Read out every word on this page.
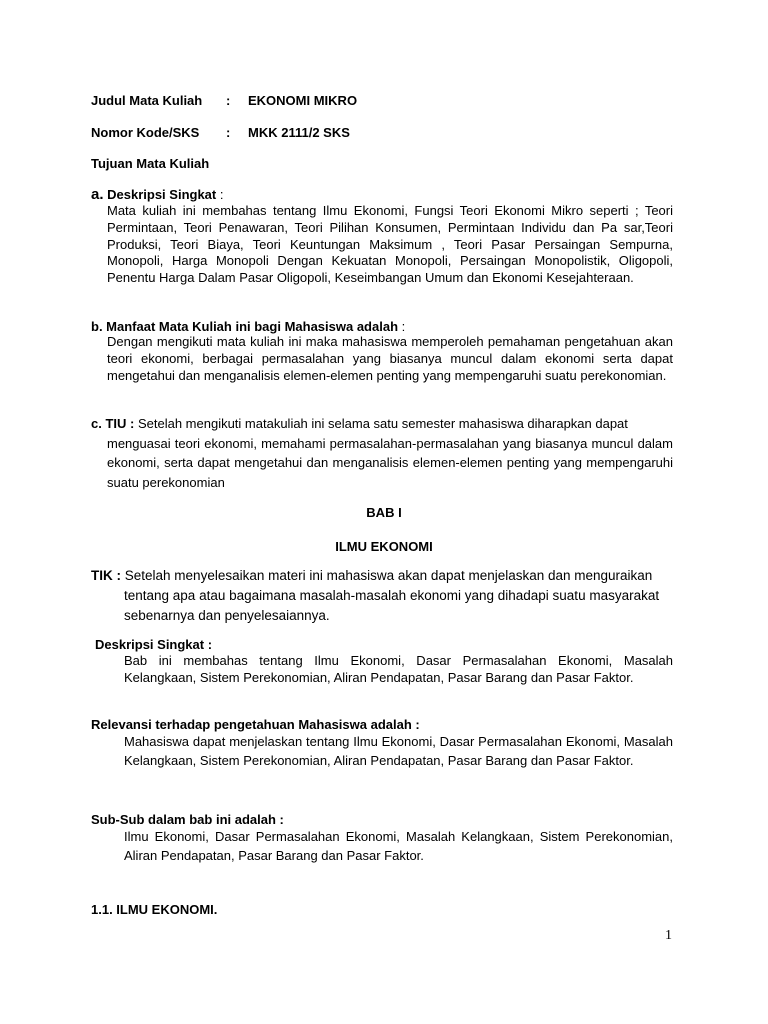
Judul Mata Kuliah : EKONOMI MIKRO
Nomor Kode/SKS : MKK 2111/2 SKS
Tujuan Mata Kuliah
a. Deskripsi Singkat :
Mata kuliah ini membahas tentang Ilmu Ekonomi, Fungsi Teori Ekonomi Mikro seperti ; Teori Permintaan, Teori Penawaran, Teori Pilihan Konsumen, Permintaan Individu dan Pa sar,Teori Produksi, Teori Biaya, Teori Keuntungan Maksimum , Teori Pasar Persaingan Sempurna, Monopoli, Harga Monopoli Dengan Kekuatan Monopoli, Persaingan Monopolistik, Oligopoli, Penentu Harga Dalam Pasar Oligopoli, Keseimbangan Umum dan Ekonomi Kesejahteraan.
b. Manfaat Mata Kuliah ini bagi Mahasiswa adalah :
Dengan mengikuti mata kuliah ini maka mahasiswa memperoleh pemahaman pengetahuan akan teori ekonomi, berbagai permasalahan yang biasanya muncul dalam ekonomi serta dapat mengetahui dan menganalisis elemen-elemen penting yang mempengaruhi suatu perekonomian.
c. TIU : Setelah mengikuti matakuliah ini selama satu semester mahasiswa diharapkan dapat
menguasai teori ekonomi, memahami permasalahan-permasalahan yang biasanya muncul dalam ekonomi, serta dapat mengetahui dan menganalisis elemen-elemen penting yang mempengaruhi suatu perekonomian
BAB I
ILMU EKONOMI
TIK : Setelah menyelesaikan materi ini mahasiswa akan dapat menjelaskan dan menguraikan
tentang apa atau bagaimana masalah-masalah ekonomi yang dihadapi suatu masyarakat sebenarnya dan penyelesaiannya.
Deskripsi Singkat :
Bab ini membahas tentang Ilmu Ekonomi, Dasar Permasalahan Ekonomi, Masalah Kelangkaan, Sistem Perekonomian, Aliran Pendapatan, Pasar Barang dan Pasar Faktor.
Relevansi terhadap pengetahuan Mahasiswa adalah :
Mahasiswa dapat menjelaskan tentang Ilmu Ekonomi, Dasar Permasalahan Ekonomi, Masalah Kelangkaan, Sistem Perekonomian, Aliran Pendapatan, Pasar Barang dan Pasar Faktor.
Sub-Sub dalam bab ini adalah :
Ilmu Ekonomi, Dasar Permasalahan Ekonomi, Masalah Kelangkaan, Sistem Perekonomian, Aliran Pendapatan, Pasar Barang dan Pasar Faktor.
1.1. ILMU EKONOMI.
1
